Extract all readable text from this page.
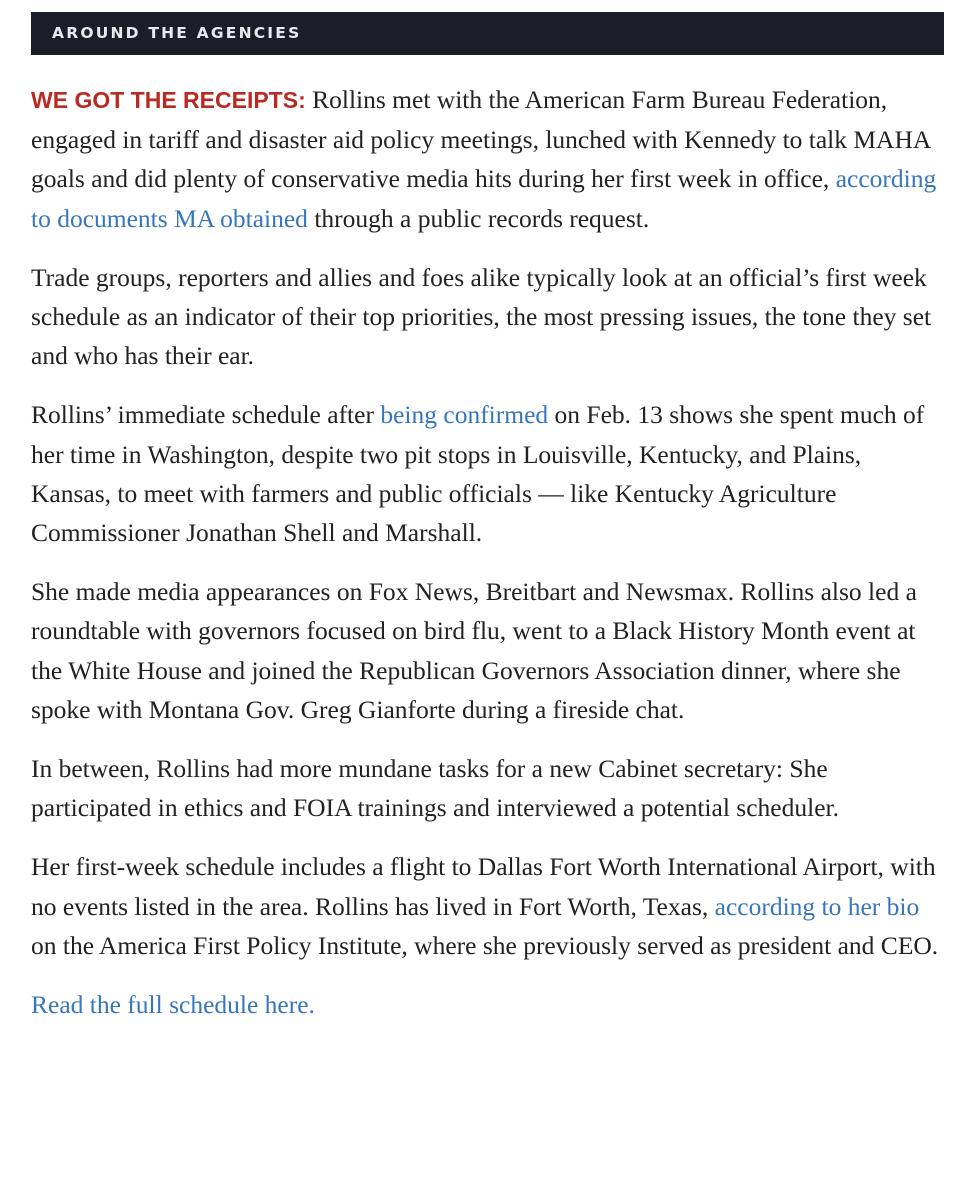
AROUND THE AGENCIES

WE GOT THE RECEIPTS: Rollins met with the American Farm Bureau Federation, engaged in tariff and disaster aid policy meetings, lunched with Kennedy to talk MAHA goals and did plenty of conservative media hits during her first week in office, according to documents MA obtained through a public records request.

Trade groups, reporters and allies and foes alike typically look at an official’s first week schedule as an indicator of their top priorities, the most pressing issues, the tone they set and who has their ear.

Rollins’ immediate schedule after being confirmed on Feb. 13 shows she spent much of her time in Washington, despite two pit stops in Louisville, Kentucky, and Plains, Kansas, to meet with farmers and public officials — like Kentucky Agriculture Commissioner Jonathan Shell and Marshall.

She made media appearances on Fox News, Breitbart and Newsmax. Rollins also led a roundtable with governors focused on bird flu, went to a Black History Month event at the White House and joined the Republican Governors Association dinner, where she spoke with Montana Gov. Greg Gianforte during a fireside chat.

In between, Rollins had more mundane tasks for a new Cabinet secretary: She participated in ethics and FOIA trainings and interviewed a potential scheduler.

Her first-week schedule includes a flight to Dallas Fort Worth International Airport, with no events listed in the area. Rollins has lived in Fort Worth, Texas, according to her bio on the America First Policy Institute, where she previously served as president and CEO.

Read the full schedule here.
